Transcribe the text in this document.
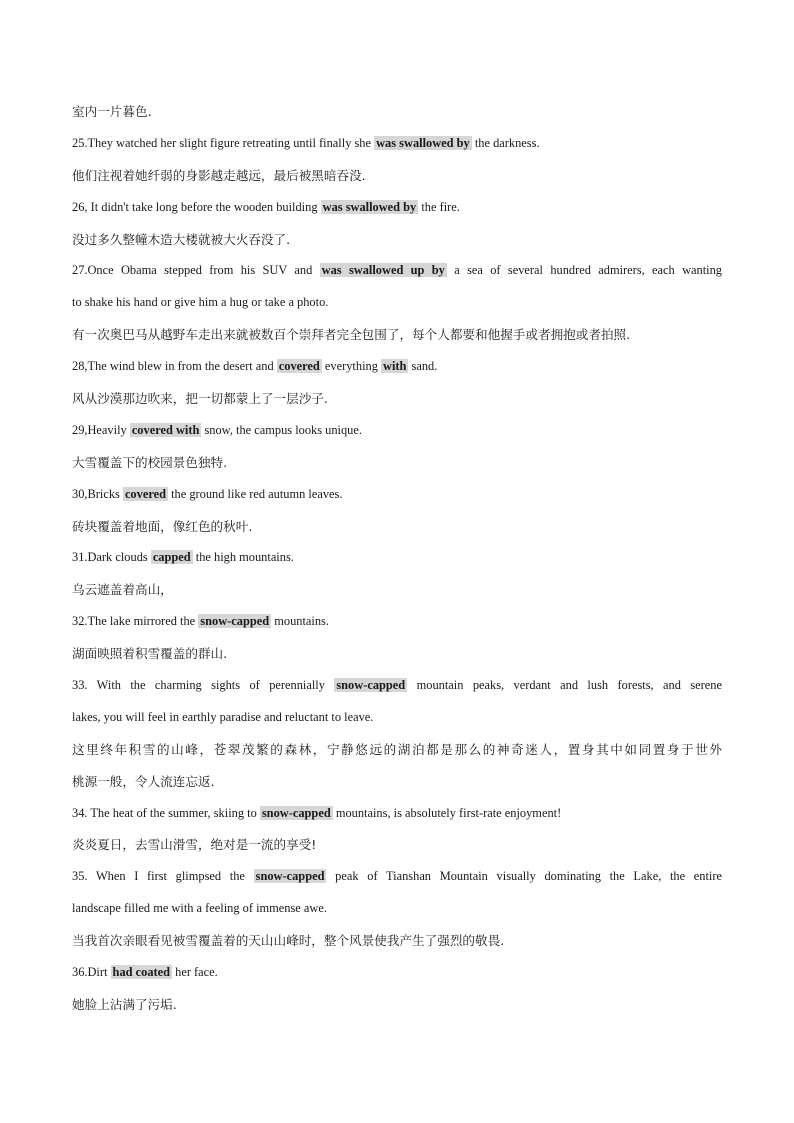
室内一片暮色.
25.They watched her slight figure retreating until finally she was swallowed by the darkness.
他们注视着她纤弱的身影越走越远，最后被黑暗吞没.
26, It didn't take long before the wooden building was swallowed by the fire.
没过多久整幢木造大楼就被大火吞没了.
27.Once Obama stepped from his SUV and was swallowed up by a sea of several hundred admirers, each wanting
to shake his hand or give him a hug or take a photo.
有一次奥巴马从越野车走出来就被数百个崇拜者完全包围了，每个人都要和他握手或者拥抱或者拍照.
28,The wind blew in from the desert and covered everything with sand.
风从沙漠那边吹来，把一切都蒙上了一层沙子.
29,Heavily covered with snow, the campus looks unique.
大雪覆盖下的校园景色独特.
30,Bricks covered the ground like red autumn leaves.
砖块覆盖着地面，像红色的秋叶.
31.Dark clouds capped the high mountains.
乌云遮盖着高山，
32.The lake mirrored the snow-capped mountains.
湖面映照着积雪覆盖的群山.
33. With the charming sights of perennially snow-capped mountain peaks, verdant and lush forests, and serene
lakes, you will feel in earthly paradise and reluctant to leave.
这里终年积雪的山峰，苍翠茂繁的森林，宁静悠远的湖泊都是那么的神奇迷人，置身其中如同置身于世外
桃源一般，令人流连忘返.
34. The heat of the summer, skiing to snow-capped mountains, is absolutely first-rate enjoyment!
炎炎夏日，去雪山滑雪，绝对是一流的享受!
35. When I first glimpsed the snow-capped peak of Tianshan Mountain visually dominating the Lake, the entire
landscape filled me with a feeling of immense awe.
当我首次亲眼看见被雪覆盖着的天山山峰时，整个风景使我产生了强烈的敬畏.
36.Dirt had coated her face.
她脸上沾满了污垢.
